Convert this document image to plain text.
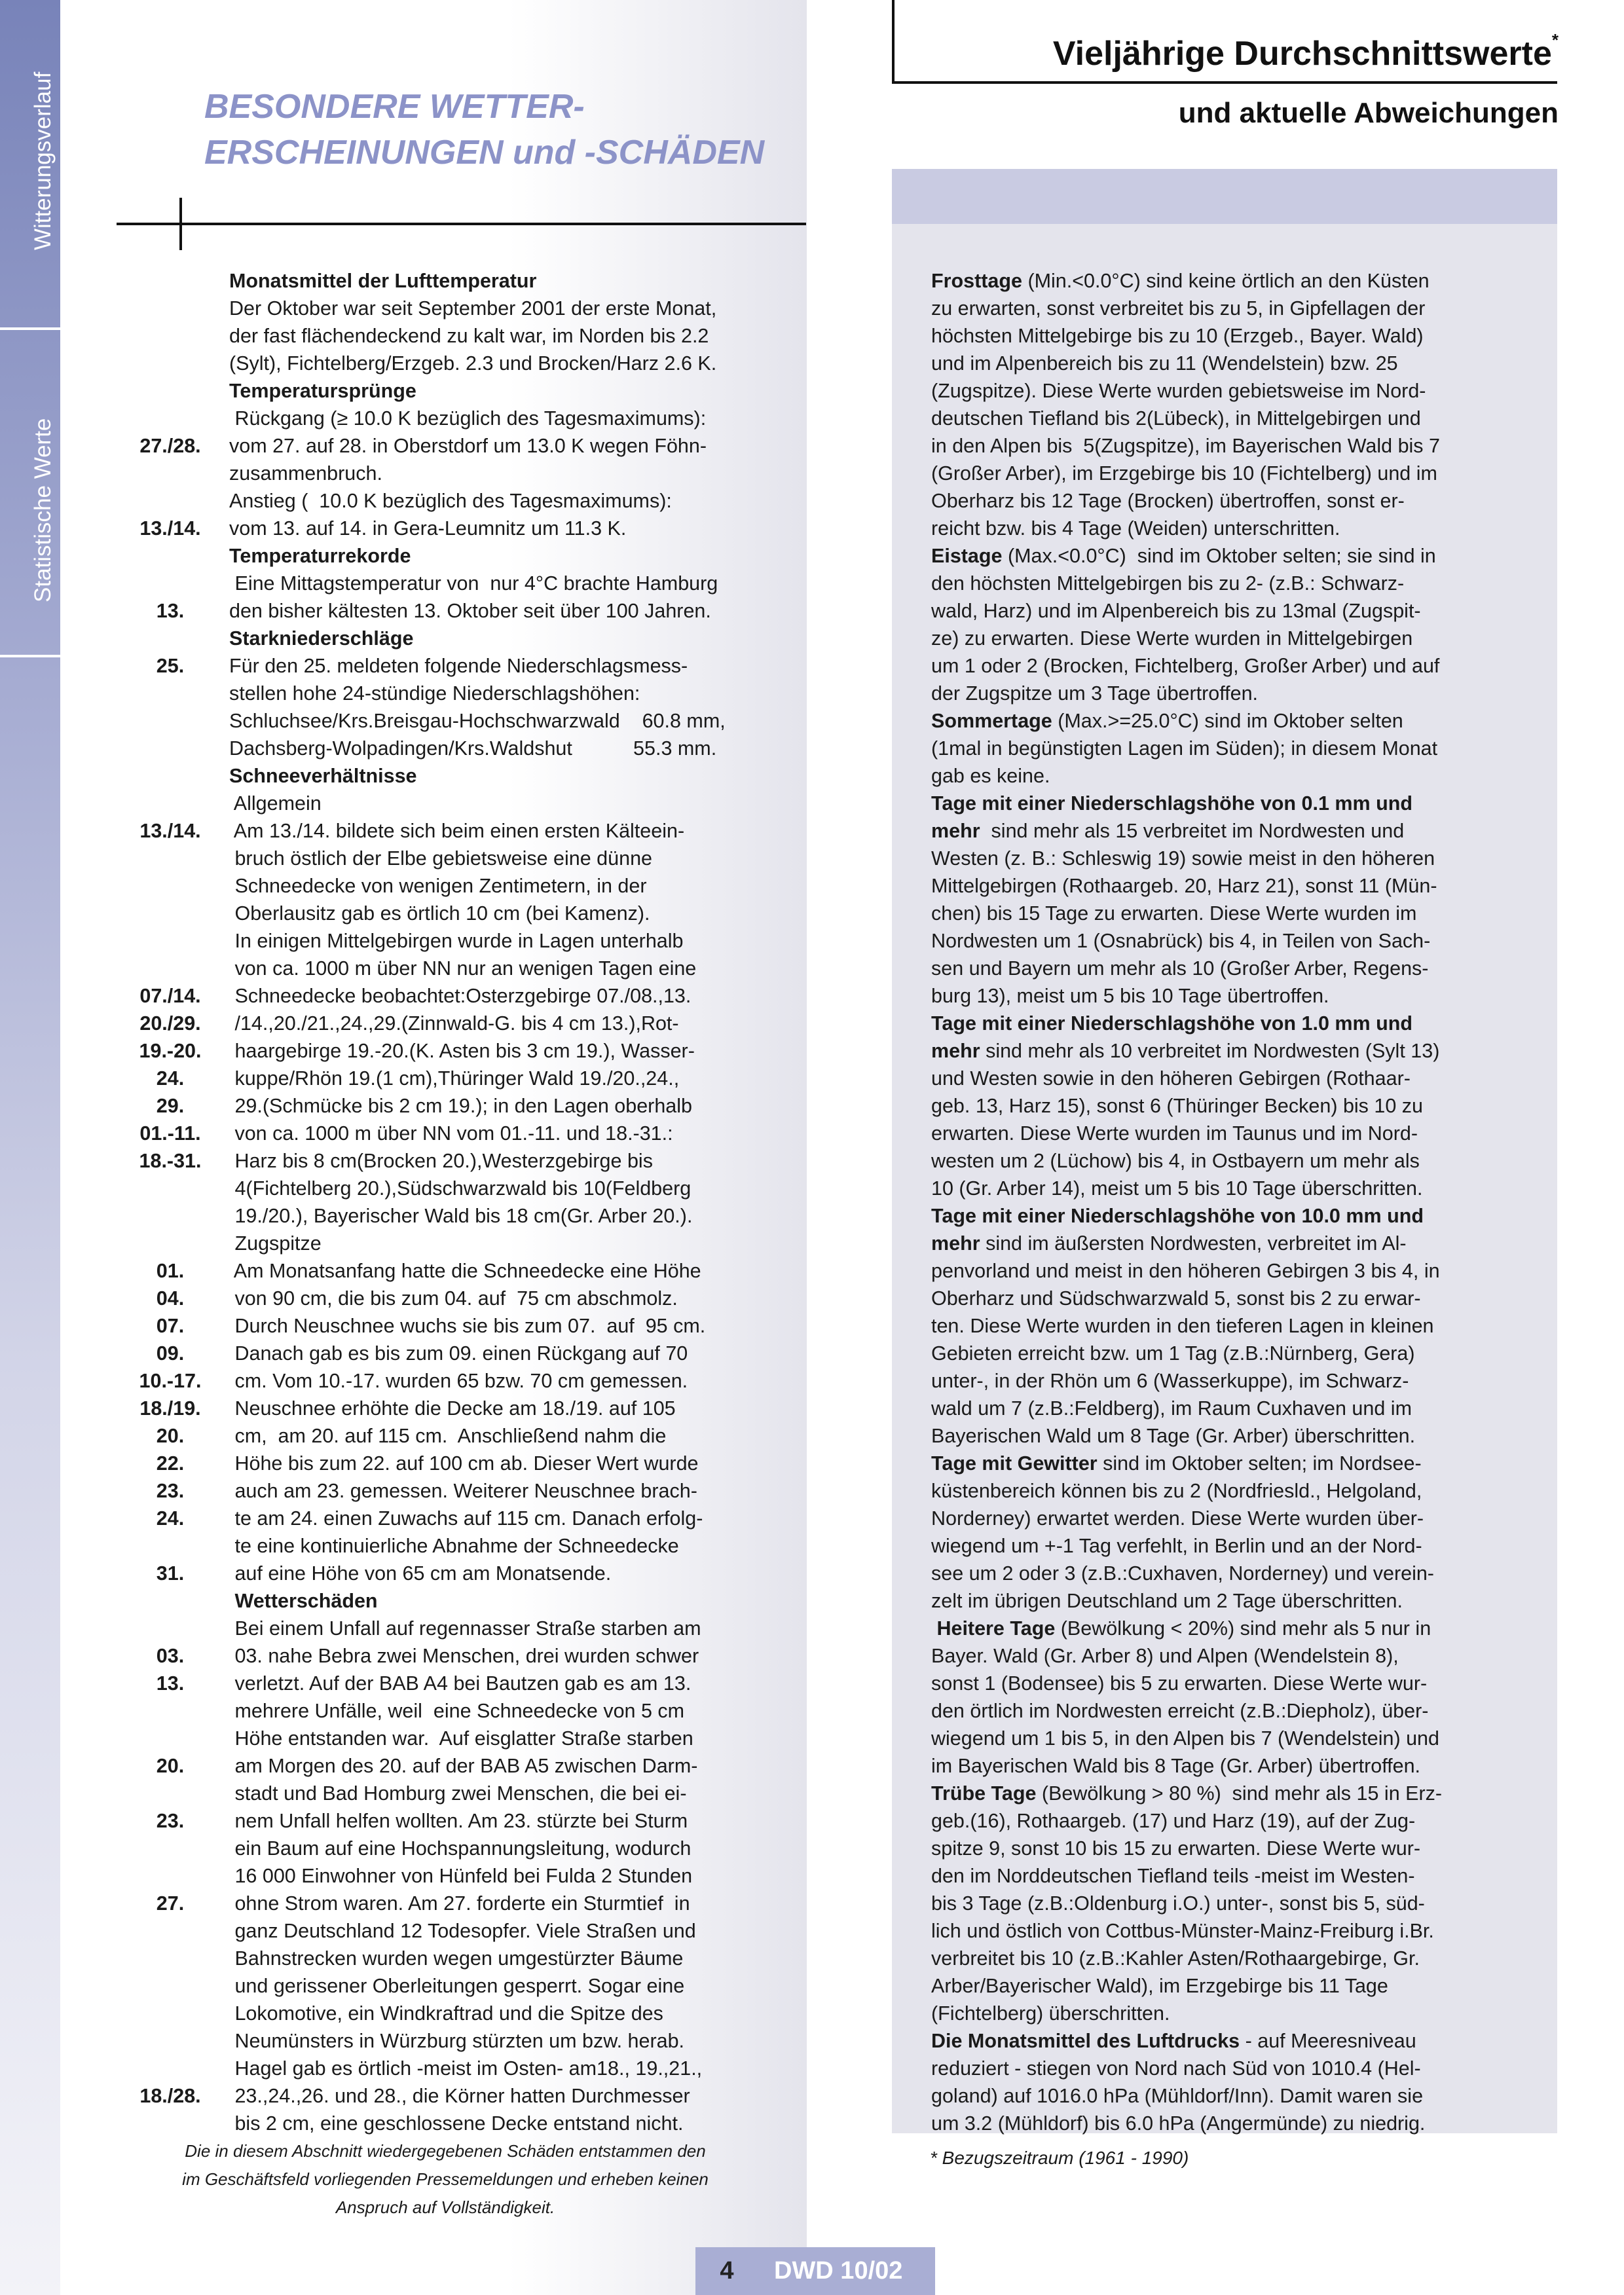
Witterungsverlauf
Statistische Werte
BESONDERE WETTER-
ERSCHEINUNGEN und -SCHÄDEN
Vieljährige Durchschnittswerte*
und aktuelle Abweichungen
Monatsmittel der Lufttemperatur
Der Oktober war seit September 2001 der erste Monat,
der fast flächendeckend zu kalt war, im Norden bis 2.2
(Sylt), Fichtelberg/Erzgeb. 2.3 und Brocken/Harz 2.6 K.
Temperatursprünge
Rückgang (≥ 10.0 K bezüglich des Tagesmaximums):
27./28.	vom 27. auf 28. in Oberstdorf um 13.0 K wegen Föhn-
zusammenbruch.
Anstieg (  10.0 K bezüglich des Tagesmaximums):
13./14.	vom 13. auf 14. in Gera-Leumnitz um 11.3 K.
Temperaturrekorde
Eine Mittagstemperatur von  nur 4°C brachte Hamburg
13.	den bisher kältesten 13. Oktober seit über 100 Jahren.
Starkniederschläge
25.	Für den 25. meldeten folgende Niederschlagsmess-
stellen hohe 24-stündige Niederschlagshöhen:
Schluchsee/Krs.Breisgau-Hochschwarzwald    60.8 mm,
Dachsberg-Wolpadingen/Krs.Waldshut           55.3 mm.
Schneeverhältnisse
Allgemein
13./14.	Am 13./14. bildete sich beim einen ersten Kälteein-
bruch östlich der Elbe gebietsweise eine dünne
Schneedecke von wenigen Zentimetern, in der
Oberlausitz gab es örtlich 10 cm (bei Kamenz).
In einigen Mittelgebirgen wurde in Lagen unterhalb
von ca. 1000 m über NN nur an wenigen Tagen eine
07./14.	Schneedecke beobachtet:Osterzgebirge 07./08.,13.
20./29.	/14.,20./21.,24.,29.(Zinnwald-G. bis 4 cm 13.),Rot-
19.-20.	haargebirge 19.-20.(K. Asten bis 3 cm 19.), Wasser-
24.	kuppe/Rhön 19.(1 cm),Thüringer Wald 19./20.,24.,
29.	29.(Schmücke bis 2 cm 19.); in den Lagen oberhalb
01.-11.	von ca. 1000 m über NN vom 01.-11. und 18.-31.:
18.-31.	Harz bis 8 cm(Brocken 20.),Westerzgebirge bis
4(Fichtelberg 20.),Südschwarzwald bis 10(Feldberg
19./20.), Bayerischer Wald bis 18 cm(Gr. Arber 20.).
Zugspitze
01.	Am Monatsanfang hatte die Schneedecke eine Höhe
04.	von 90 cm, die bis zum 04. auf  75 cm abschmolz.
07.	Durch Neuschnee wuchs sie bis zum 07.  auf  95 cm.
09.	Danach gab es bis zum 09. einen Rückgang auf 70
10.-17.	cm. Vom 10.-17. wurden 65 bzw. 70 cm gemessen.
18./19.	Neuschnee erhöhte die Decke am 18./19. auf 105
20.	cm,  am 20. auf 115 cm.  Anschließend nahm die
22.	Höhe bis zum 22. auf 100 cm ab. Dieser Wert wurde
23.	auch am 23. gemessen. Weiterer Neuschnee brach-
24.	te am 24. einen Zuwachs auf 115 cm. Danach erfolg-
te eine kontinuierliche Abnahme der Schneedecke
31.	auf eine Höhe von 65 cm am Monatsende.
Wetterschäden
Bei einem Unfall auf regennasser Straße starben am
03.	03. nahe Bebra zwei Menschen, drei wurden schwer
13.	verletzt. Auf der BAB A4 bei Bautzen gab es am 13.
mehrere Unfälle, weil  eine Schneedecke von 5 cm
Höhe entstanden war.  Auf eisglatter Straße starben
20.	am Morgen des 20. auf der BAB A5 zwischen Darm-
stadt und Bad Homburg zwei Menschen, die bei ei-
23.	nem Unfall helfen wollten. Am 23. stürzte bei Sturm
ein Baum auf eine Hochspannungsleitung, wodurch
16 000 Einwohner von Hünfeld bei Fulda 2 Stunden
27.	ohne Strom waren. Am 27. forderte ein Sturmtief  in
ganz Deutschland 12 Todesopfer. Viele Straßen und
Bahnstrecken wurden wegen umgestürzter Bäume
und gerissener Oberleitungen gesperrt. Sogar eine
Lokomotive, ein Windkraftrad und die Spitze des
Neumünsters in Würzburg stürzten um bzw. herab.
Hagel gab es örtlich -meist im Osten- am18., 19.,21.,
18./28.	23.,24.,26. und 28., die Körner hatten Durchmesser
bis 2 cm, eine geschlossene Decke entstand nicht.
Frosttage (Min.<0.0°C) sind keine örtlich an den Küsten
zu erwarten, sonst verbreitet bis zu 5, in Gipfellagen der
höchsten Mittelgebirge bis zu 10 (Erzgeb., Bayer. Wald)
und im Alpenbereich bis zu 11 (Wendelstein) bzw. 25
(Zugspitze). Diese Werte wurden gebietsweise im Nord-
deutschen Tiefland bis 2(Lübeck), in Mittelgebirgen und
in den Alpen bis  5(Zugspitze), im Bayerischen Wald bis 7
(Großer Arber), im Erzgebirge bis 10 (Fichtelberg) und im
Oberharz bis 12 Tage (Brocken) übertroffen, sonst er-
reicht bzw. bis 4 Tage (Weiden) unterschritten.
Eistage (Max.<0.0°C)  sind im Oktober selten; sie sind in
den höchsten Mittelgebirgen bis zu 2- (z.B.: Schwarz-
wald, Harz) und im Alpenbereich bis zu 13mal (Zugspit-
ze) zu erwarten. Diese Werte wurden in Mittelgebirgen
um 1 oder 2 (Brocken, Fichtelberg, Großer Arber) und auf
der Zugspitze um 3 Tage übertroffen.
Sommertage (Max.>=25.0°C) sind im Oktober selten
(1mal in begünstigten Lagen im Süden); in diesem Monat
gab es keine.
Tage mit einer Niederschlagshöhe von 0.1 mm und
mehr  sind mehr als 15 verbreitet im Nordwesten und
Westen (z. B.: Schleswig 19) sowie meist in den höheren
Mittelgebirgen (Rothaargeb. 20, Harz 21), sonst 11 (Mün-
chen) bis 15 Tage zu erwarten. Diese Werte wurden im
Nordwesten um 1 (Osnabrück) bis 4, in Teilen von Sach-
sen und Bayern um mehr als 10 (Großer Arber, Regens-
burg 13), meist um 5 bis 10 Tage übertroffen.
Tage mit einer Niederschlagshöhe von 1.0 mm und
mehr sind mehr als 10 verbreitet im Nordwesten (Sylt 13)
und Westen sowie in den höheren Gebirgen (Rothaar-
geb. 13, Harz 15), sonst 6 (Thüringer Becken) bis 10 zu
erwarten. Diese Werte wurden im Taunus und im Nord-
westen um 2 (Lüchow) bis 4, in Ostbayern um mehr als
10 (Gr. Arber 14), meist um 5 bis 10 Tage überschritten.
Tage mit einer Niederschlagshöhe von 10.0 mm und
mehr sind im äußersten Nordwesten, verbreitet im Al-
penvorland und meist in den höheren Gebirgen 3 bis 4, in
Oberharz und Südschwarzwald 5, sonst bis 2 zu erwar-
ten. Diese Werte wurden in den tieferen Lagen in kleinen
Gebieten erreicht bzw. um 1 Tag (z.B.:Nürnberg, Gera)
unter-, in der Rhön um 6 (Wasserkuppe), im Schwarz-
wald um 7 (z.B.:Feldberg), im Raum Cuxhaven und im
Bayerischen Wald um 8 Tage (Gr. Arber) überschritten.
Tage mit Gewitter sind im Oktober selten; im Nordsee-
küstenbereich können bis zu 2 (Nordfriesld., Helgoland,
Norderney) erwartet werden. Diese Werte wurden über-
wiegend um +-1 Tag verfehlt, in Berlin und an der Nord-
see um 2 oder 3 (z.B.:Cuxhaven, Norderney) und verein-
zelt im übrigen Deutschland um 2 Tage überschritten.
Heitere Tage (Bewölkung < 20%) sind mehr als 5 nur in
Bayer. Wald (Gr. Arber 8) und Alpen (Wendelstein 8),
sonst 1 (Bodensee) bis 5 zu erwarten. Diese Werte wur-
den örtlich im Nordwesten erreicht (z.B.:Diepholz), über-
wiegend um 1 bis 5, in den Alpen bis 7 (Wendelstein) und
im Bayerischen Wald bis 8 Tage (Gr. Arber) übertroffen.
Trübe Tage (Bewölkung > 80 %)  sind mehr als 15 in Erz-
geb.(16), Rothaargeb. (17) und Harz (19), auf der Zug-
spitze 9, sonst 10 bis 15 zu erwarten. Diese Werte wur-
den im Norddeutschen Tiefland teils -meist im Westen-
bis 3 Tage (z.B.:Oldenburg i.O.) unter-, sonst bis 5, süd-
lich und östlich von Cottbus-Münster-Mainz-Freiburg i.Br.
verbreitet bis 10 (z.B.:Kahler Asten/Rothaargebirge, Gr.
Arber/Bayerischer Wald), im Erzgebirge bis 11 Tage
(Fichtelberg) überschritten.
Die Monatsmittel des Luftdrucks - auf Meeresniveau
reduziert - stiegen von Nord nach Süd von 1010.4 (Hel-
goland) auf 1016.0 hPa (Mühldorf/Inn). Damit waren sie
um 3.2 (Mühldorf) bis 6.0 hPa (Angermünde) zu niedrig.
Die in diesem Abschnitt wiedergegebenen Schäden entstammen den
im Geschäftsfeld vorliegenden Pressemeldungen und erheben keinen
Anspruch auf Vollständigkeit.
* Bezugszeitraum (1961 - 1990)
4	DWD 10/02
